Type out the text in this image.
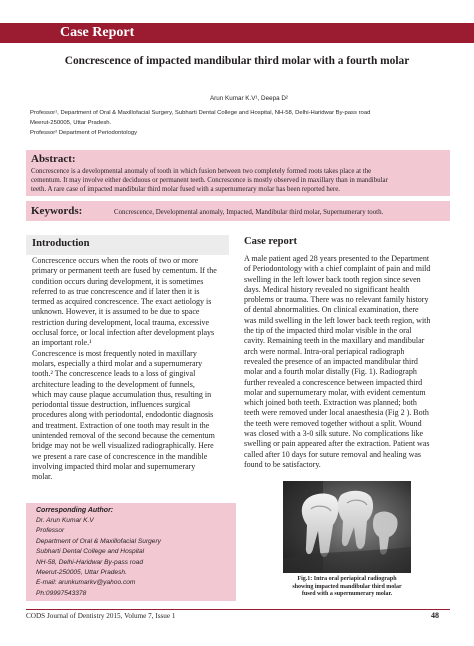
Case Report
Concrescence of impacted mandibular third molar with a fourth molar
Arun Kumar K.V¹, Deepa D²

Professor¹, Department of Oral & Maxillofacial Surgery, Subharti Dental College and Hospital, NH-58, Delhi-Haridwar By-pass road

Meerut-250005, Uttar Pradesh.

Professor² Department of Periodontology

Abstract:
Concrescence is a developmental anomaly of tooth in which fusion between two completely formed roots takes place at the
cementum. It may involve either deciduous or permanent teeth. Concrescence is mostly observed in maxillary than in mandibular
teeth. A rare case of impacted mandibular third molar fused with a supernumerary molar has been reported here.
Keywords:	Concrescence, Developmental anomaly, Impacted, Mandibular third molar, Supernumerary tooth.
Introduction
Concrescence occurs when the roots of two or more
primary or permanent teeth are fused by cementum. If the
condition occurs during development, it is sometimes
referred to as true concrescence and if later then it is
termed as acquired concrescence. The exact aetiology is
unknown. However, it is assumed to be due to space
restriction during development, local trauma, excessive
occlusal force, or local infection after development plays
an important role.¹
Concrescence is most frequently noted in maxillary
molars, especially a third molar and a supernumerary
tooth.² The concrescence leads to a loss of gingival
architecture leading to the development of funnels,
which may cause plaque accumulation thus, resulting in
periodontal tissue destruction, influences surgical
procedures along with periodontal, endodontic diagnosis
and treatment. Extraction of one tooth may result in the
unintended removal of the second because the cementum
bridge may not be well visualized radiographically. Here
we present a rare case of concrescence in the mandible
involving impacted third molar and supernumerary
molar.
Case report
A male patient aged 28 years presented to the Department
of Periodontology with a chief complaint of pain and mild
swelling in the left lower back tooth region since seven
days. Medical history revealed no significant health
problems or trauma. There was no relevant family history
of dental abnormalities. On clinical examination, there
was mild swelling in the left lower back teeth region, with
the tip of the impacted third molar visible in the oral
cavity. Remaining teeth in the maxillary and mandibular
arch were normal. Intra-oral periapical radiograph
revealed the presence of an impacted mandibular third
molar and a fourth molar distally (Fig. 1). Radiograph
further revealed a concrescence between impacted third
molar and supernumerary molar, with evident cementum
which joined both teeth. Extraction was planned; both
teeth were removed under local anaesthesia (Fig 2 ). Both
the teeth were removed together without a split. Wound
was closed with a 3-0 silk suture. No complications like
swelling or pain appeared after the extraction. Patient was
called after 10 days for suture removal and healing was
found to be satisfactory.
Corresponding Author:
Dr. Arun Kumar K.V
Professor
Department of Oral & Maxillofacial Surgery
Subharti Dental College and Hospital
NH-58, Delhi-Haridwar By-pass road
Meerut-250005, Uttar Pradesh.
E-mail: arunkumarkv@yahoo.com
Ph:09997543378
Fig.1: Intra oral periapical radiograph
showing impacted mandibular third molar
fused with a supernumerary molar.
CODS Journal of Dentistry 2015, Volume 7, Issue 1	48
